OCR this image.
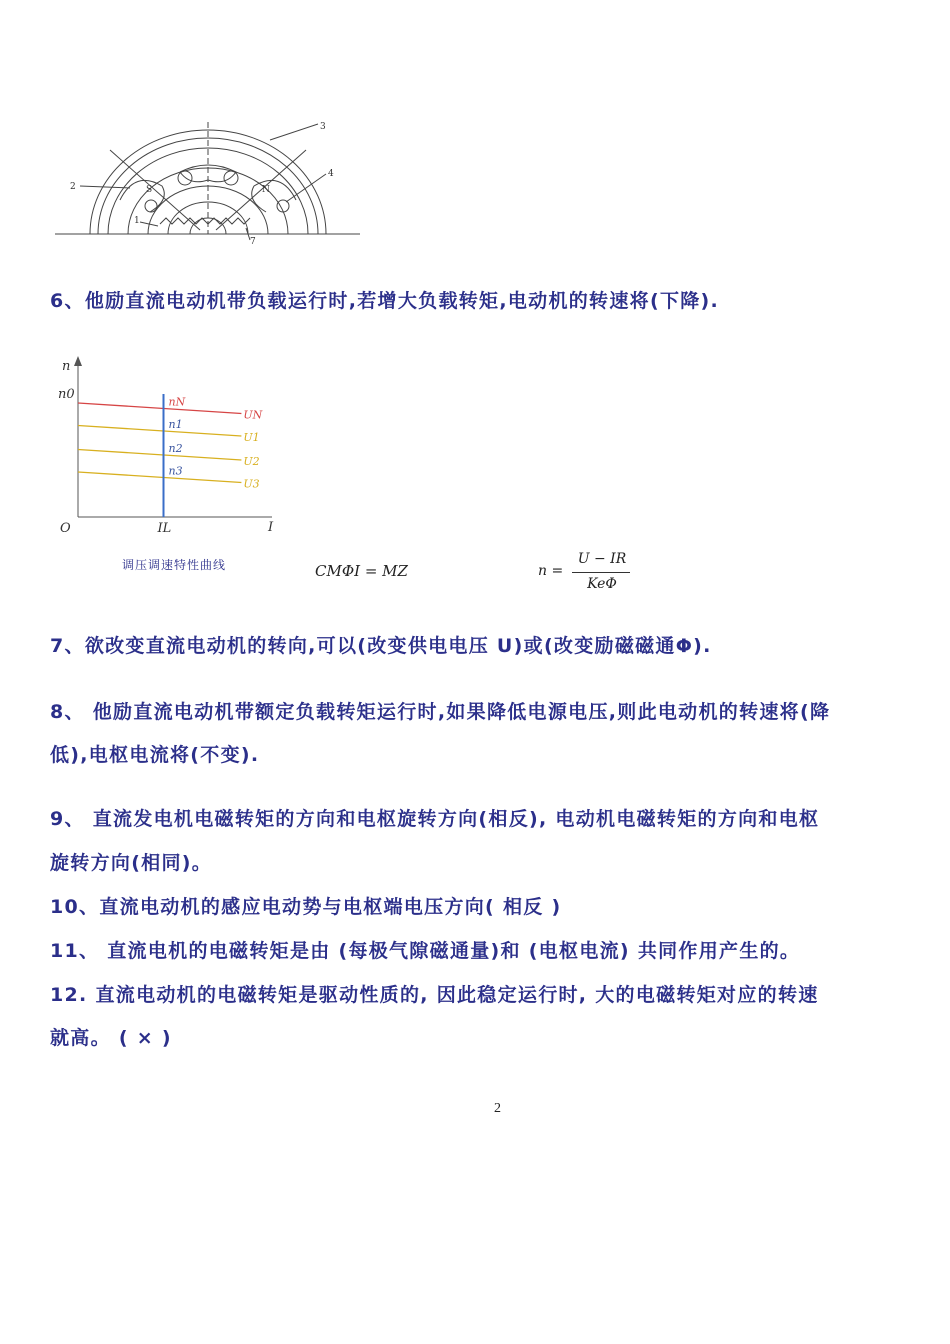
2
3
4
7
1
S	N
6、他励直流电动机带负载运行时,若增大负载转矩,电动机的转速将(下降).
n
I
O
n0
IL
UN
nN
U1
n1
U2
n2
U3
n3
调压调速特性曲线	CMΦI = MZ	n =
U − IR
KeΦ
7、欲改变直流电动机的转向,可以(改变供电电压 U)或(改变励磁磁通Φ).
8、 他励直流电动机带额定负载转矩运行时,如果降低电源电压,则此电动机的转速将(降
低),电枢电流将(不变).
9、 直流发电机电磁转矩的方向和电枢旋转方向(相反), 电动机电磁转矩的方向和电枢
旋转方向(相同)。
10、直流电动机的感应电动势与电枢端电压方向( 相反 )
11、 直流电机的电磁转矩是由 (每极气隙磁通量)和 (电枢电流) 共同作用产生的。
12. 直流电动机的电磁转矩是驱动性质的, 因此稳定运行时, 大的电磁转矩对应的转速
就高。 ( × )
2
